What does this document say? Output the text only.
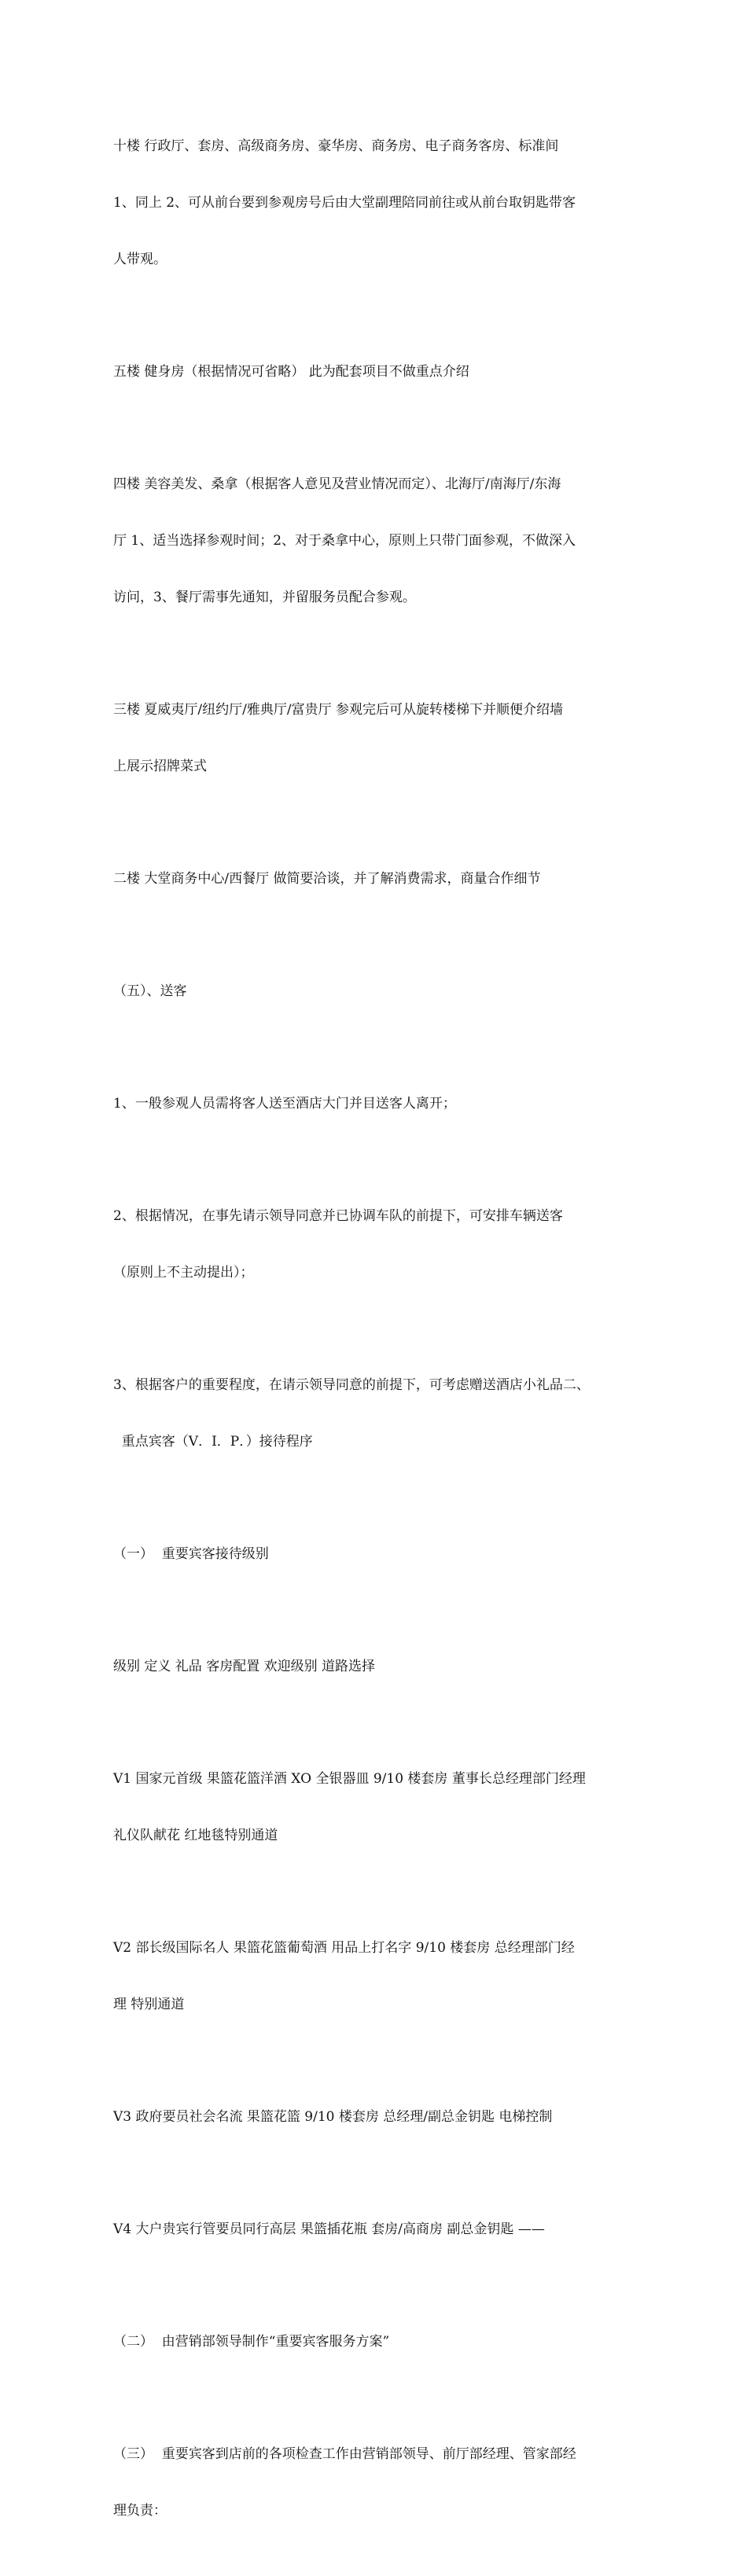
十楼 行政厅、套房、高级商务房、豪华房、商务房、电子商务客房、标准间

1、同上 2、可从前台要到参观房号后由大堂副理陪同前往或从前台取钥匙带客

人带观。

五楼 健身房（根据情况可省略） 此为配套项目不做重点介绍

四楼 美容美发、桑拿（根据客人意见及营业情况而定）、北海厅/南海厅/东海

厅 1、适当选择参观时间；2、对于桑拿中心，原则上只带门面参观，不做深入

访问，3、餐厅需事先通知，并留服务员配合参观。

三楼 夏威夷厅/纽约厅/雅典厅/富贵厅 参观完后可从旋转楼梯下并顺便介绍墙

上展示招牌菜式

二楼 大堂商务中心/西餐厅 做简要洽谈，并了解消费需求，商量合作细节

（五）、送客

1、一般参观人员需将客人送至酒店大门并目送客人离开；

2、根据情况，在事先请示领导同意并已协调车队的前提下，可安排车辆送客

（原则上不主动提出）；

3、根据客户的重要程度，在请示领导同意的前提下，可考虑赠送酒店小礼品二、

重点宾客（V．I．P．）接待程序

（一）  重要宾客接待级别

级别 定义 礼品 客房配置 欢迎级别 道路选择

V1 国家元首级 果篮花篮洋酒 XO 全银器皿 9/10 楼套房 董事长总经理部门经理

礼仪队献花 红地毯特别通道

V2 部长级国际名人 果篮花篮葡萄酒 用品上打名字 9/10 楼套房 总经理部门经

理 特别通道

V3 政府要员社会名流 果篮花篮 9/10 楼套房 总经理/副总金钥匙 电梯控制

V4 大户贵宾行管要员同行高层 果篮插花瓶 套房/高商房 副总金钥匙 ——

（二）  由营销部领导制作“重要宾客服务方案”

（三）  重要宾客到店前的各项检查工作由营销部领导、前厅部经理、管家部经

理负责：
